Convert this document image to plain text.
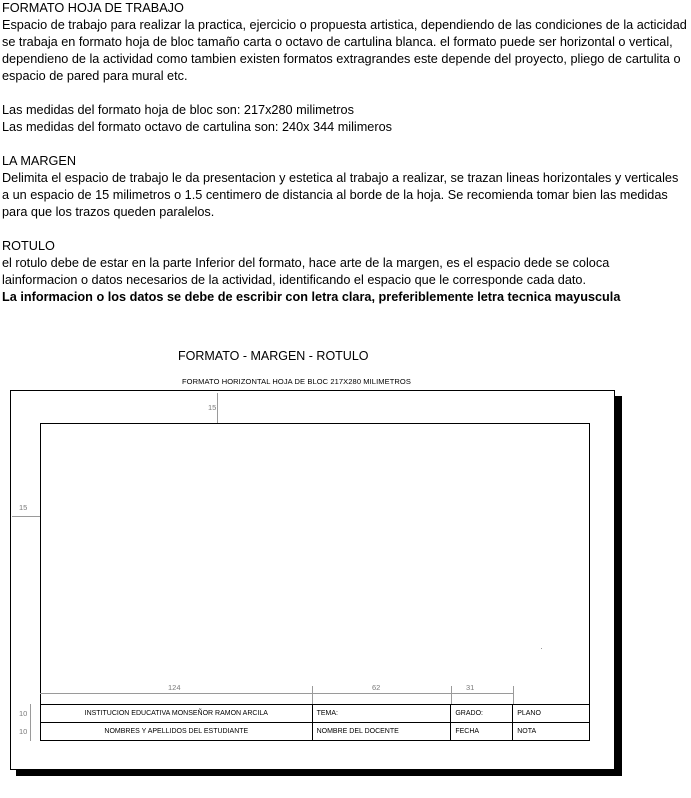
FORMATO HOJA DE TRABAJO

Espacio de trabajo para realizar la practica, ejercicio o propuesta artistica, dependiendo de las condiciones de la acticidad se trabaja en formato hoja de bloc tamaño carta o octavo de cartulina blanca. el formato puede ser horizontal o vertical, dependieno de la actividad como tambien existen formatos extragrandes este depende del proyecto, pliego de cartulita o espacio de pared para mural etc.

Las medidas del formato hoja de bloc son: 217x280 milimetros

Las medidas del formato octavo de cartulina son: 240x 344 milimeros

LA MARGEN

Delimita el espacio de trabajo le da presentacion y estetica al trabajo a realizar, se trazan lineas horizontales y verticales a un espacio de 15 milimetros o 1.5 centimero de distancia al borde de la hoja. Se recomienda tomar bien las medidas para que los trazos queden paralelos.

ROTULO

el rotulo debe de estar en la parte Inferior del formato, hace arte de la margen, es el espacio dede se coloca lainformacion o datos necesarios de la actividad, identificando el espacio que le corresponde cada dato.

La informacion o los datos se debe de escribir con letra clara, preferiblemente letra tecnica mayuscula

FORMATO - MARGEN - ROTULO
FORMATO HORIZONTAL HOJA DE BLOC 217X280 MILIMETROS
15
15
124	62	31
10
10
INSTITUCION EDUCATIVA MONSEÑOR RAMON ARCILA	TEMA:	GRADO:	PLANO
NOMBRES Y APELLIDOS DEL ESTUDIANTE	NOMBRE DEL DOCENTE	FECHA	NOTA
